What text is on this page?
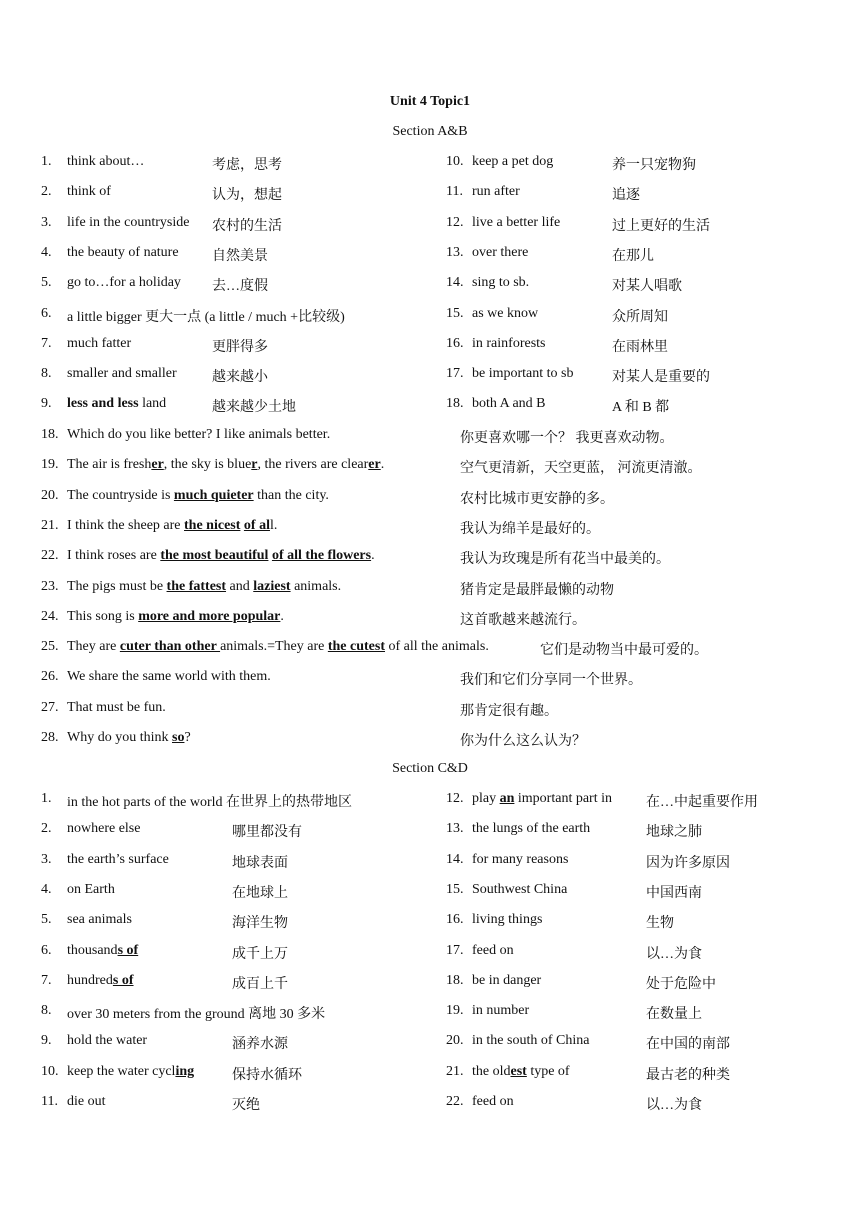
Unit 4 Topic1
Section A&B
1. think about…	考虑，思考	10. keep a pet dog	养一只宠物狗
2. think of	认为，想起	11. run after	追逐
3. life in the countryside 农村的生活	12. live a better life	过上更好的生活
4. the beauty of nature 自然美景	13. over there	在那儿
5. go to…for a holiday 去…度假	14. sing to sb.	对某人唱歌
6. a little bigger 更大一点 (a little / much +比较级)	15. as we know	众所周知
7. much fatter	更胖得多	16. in rainforests	在雨林里
8. smaller and smaller	越来越小	17. be important to sb	对某人是重要的
9. less and less land	越来越少土地	18. both A and B	A 和 B 都
18. Which do you like better? I like animals better.	你更喜欢哪一个？ 我更喜欢动物。
19. The air is fresher, the sky is bluer, the rivers are clearer.	空气更清新，天空更蓝， 河流更清澈。
20. The countryside is much quieter than the city.	农村比城市更安静的多。
21. I think the sheep are the nicest of all.	我认为绵羊是最好的。
22. I think roses are the most beautiful of all the flowers.	我认为玫瑰是所有花当中最美的。
23. The pigs must be the fattest and laziest animals.	猪肯定是最胖最懒的动物
24. This song is more and more popular.	这首歌越来越流行。
25. They are cuter than other animals.=They are the cutest of all the animals.	它们是动物当中最可爱的。
26. We share the same world with them.	我们和它们分享同一个世界。
27. That must be fun.	那肯定很有趣。
28. Why do you think so?	你为什么这么认为？
Section C&D
1. in the hot parts of the world 在世界上的热带地区	12. play an important part in 在…中起重要作用
2. nowhere else	哪里都没有	13. the lungs of the earth	地球之肺
3. the earth’s surface	地球表面	14. for many reasons	因为许多原因
4. on Earth	在地球上	15. Southwest China	中国西南
5. sea animals	海洋生物	16. living things	生物
6. thousands of	成千上万	17. feed on	以…为食
7. hundreds of	成百上千	18. be in danger	处于危险中
8. over 30 meters from the ground 离地 30 多米	19. in number	在数量上
9. hold the water	涵养水源	20. in the south of China	在中国的南部
10. keep the water cycling	保持水循环	21. the oldest type of	最古老的种类
11. die out	灭绝	22. feed on	以…为食
